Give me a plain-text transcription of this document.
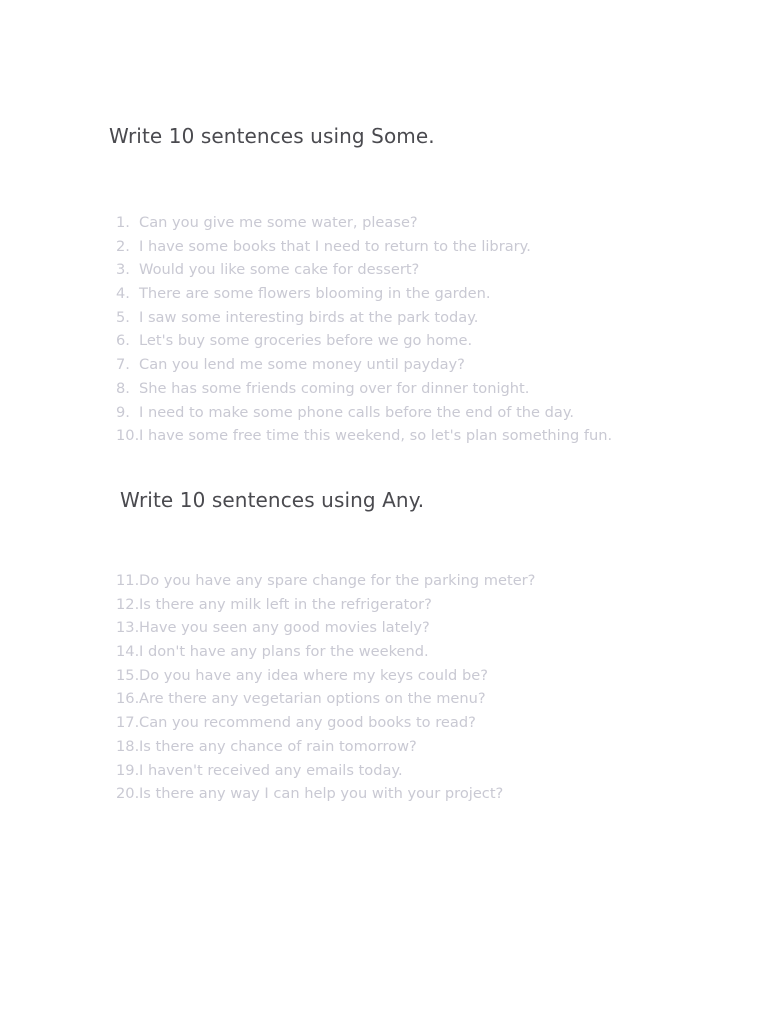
Write 10 sentences using Some.
1. Can you give me some water, please?
2. I have some books that I need to return to the library.
3. Would you like some cake for dessert?
4. There are some flowers blooming in the garden.
5. I saw some interesting birds at the park today.
6. Let's buy some groceries before we go home.
7. Can you lend me some money until payday?
8. She has some friends coming over for dinner tonight.
9. I need to make some phone calls before the end of the day.
10. I have some free time this weekend, so let's plan something fun.
Write 10 sentences using Any.
11. Do you have any spare change for the parking meter?
12. Is there any milk left in the refrigerator?
13. Have you seen any good movies lately?
14. I don't have any plans for the weekend.
15. Do you have any idea where my keys could be?
16. Are there any vegetarian options on the menu?
17. Can you recommend any good books to read?
18. Is there any chance of rain tomorrow?
19. I haven't received any emails today.
20. Is there any way I can help you with your project?
